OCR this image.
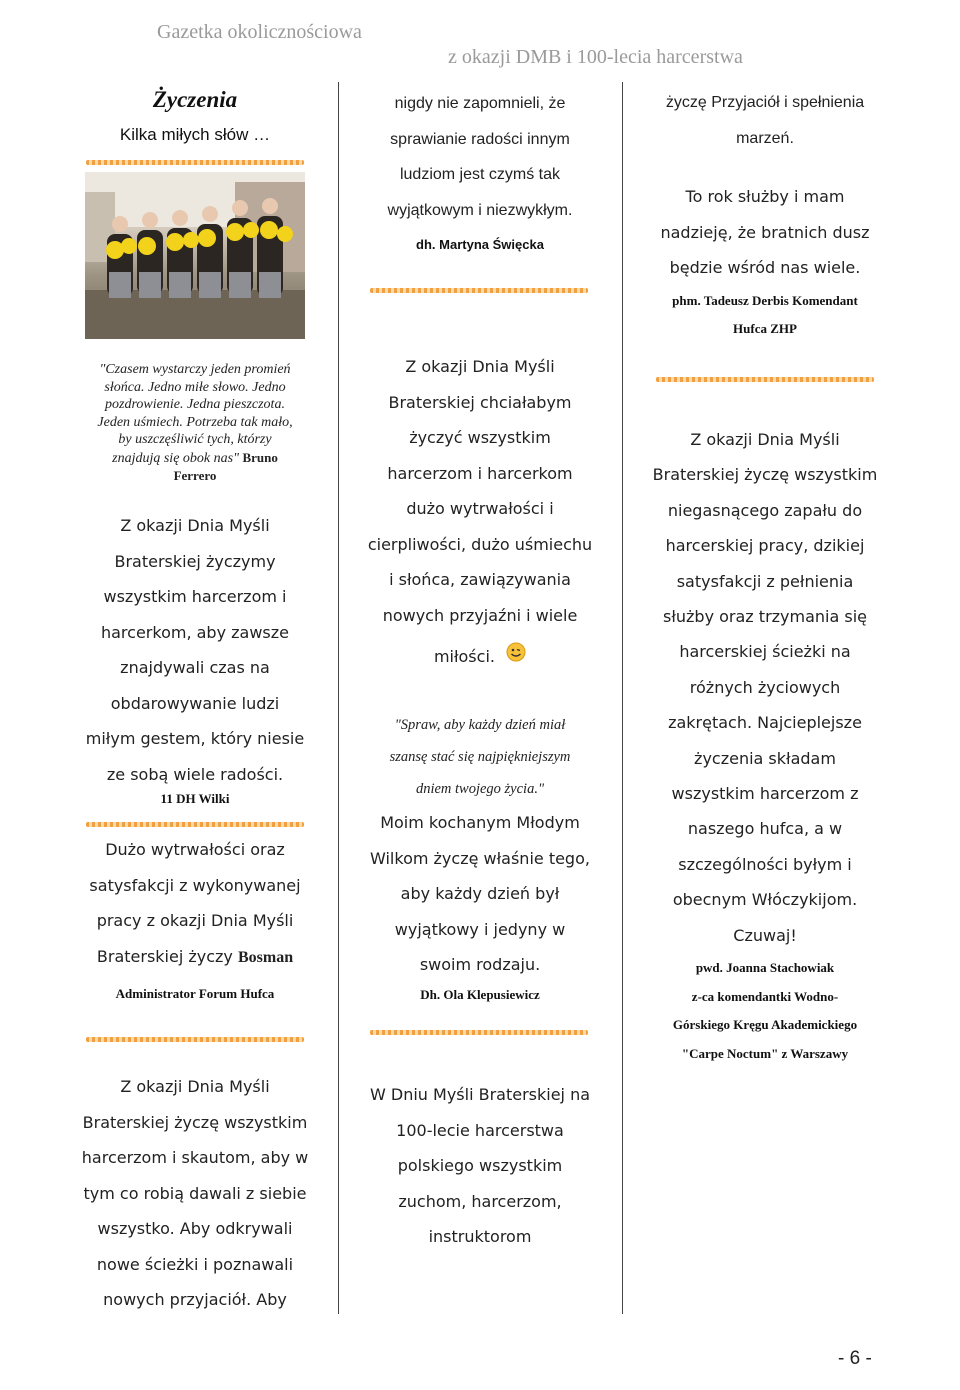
Gazetka okolicznościowa
z okazji DMB i 100-lecia harcerstwa

Życzenia

Kilka miłych słów …

"Czasem wystarczy jeden promień
słońca. Jedno miłe słowo. Jedno
pozdrowienie. Jedna pieszczota.
Jeden uśmiech. Potrzeba tak mało,
by uszczęśliwić tych, którzy
znajdują się obok nas" Bruno
Ferrero
Z okazji Dnia Myśli
Braterskiej życzymy
wszystkim harcerzom i
harcerkom, aby zawsze
znajdywali czas na
obdarowywanie ludzi
miłym gestem, który niesie
ze sobą wiele radości.

11 DH Wilki

Dużo wytrwałości oraz
satysfakcji z wykonywanej
pracy z okazji Dnia Myśli
Braterskiej życzy Bosman

Administrator Forum Hufca

Z okazji Dnia Myśli
Braterskiej życzę wszystkim
harcerzom i skautom, aby w
tym co robią dawali z siebie
wszystko. Aby odkrywali
nowe ścieżki i poznawali
nowych przyjaciół. Aby
nigdy nie zapomnieli, że
sprawianie radości innym
ludziom jest czymś tak
wyjątkowym i niezwykłym.

dh. Martyna Święcka

Z okazji Dnia Myśli
Braterskiej chciałabym
życzyć wszystkim
harcerzom i harcerkom
dużo wytrwałości i
cierpliwości, dużo uśmiechu
i słońca, zawiązywania
nowych przyjaźni i wiele
miłości.
"Spraw, aby każdy dzień miał
szansę stać się najpiękniejszym
dniem twojego życia."
Moim kochanym Młodym
Wilkom życzę właśnie tego,
aby każdy dzień był
wyjątkowy i jedyny w
swoim rodzaju.

Dh. Ola Klepusiewicz

W Dniu Myśli Braterskiej na
100-lecie harcerstwa
polskiego wszystkim
zuchom, harcerzom,
instruktorom
życzę Przyjaciół i spełnienia
marzeń.
To rok służby i mam
nadzieję, że bratnich dusz
będzie wśród nas wiele.
phm. Tadeusz Derbis Komendant
Hufca ZHP
Z okazji Dnia Myśli
Braterskiej życzę wszystkim
niegasnącego zapału do
harcerskiej pracy, dzikiej
satysfakcji z pełnienia
służby oraz trzymania się
harcerskiej ścieżki na
różnych życiowych
zakrętach. Najcieplejsze
życzenia składam
wszystkim harcerzom z
naszego hufca, a w
szczególności byłym i
obecnym Włóczykijom.
Czuwaj!
pwd. Joanna Stachowiak
z-ca komendantki Wodno-
Górskiego Kręgu Akademickiego
"Carpe Noctum" z Warszawy
- 6 -
